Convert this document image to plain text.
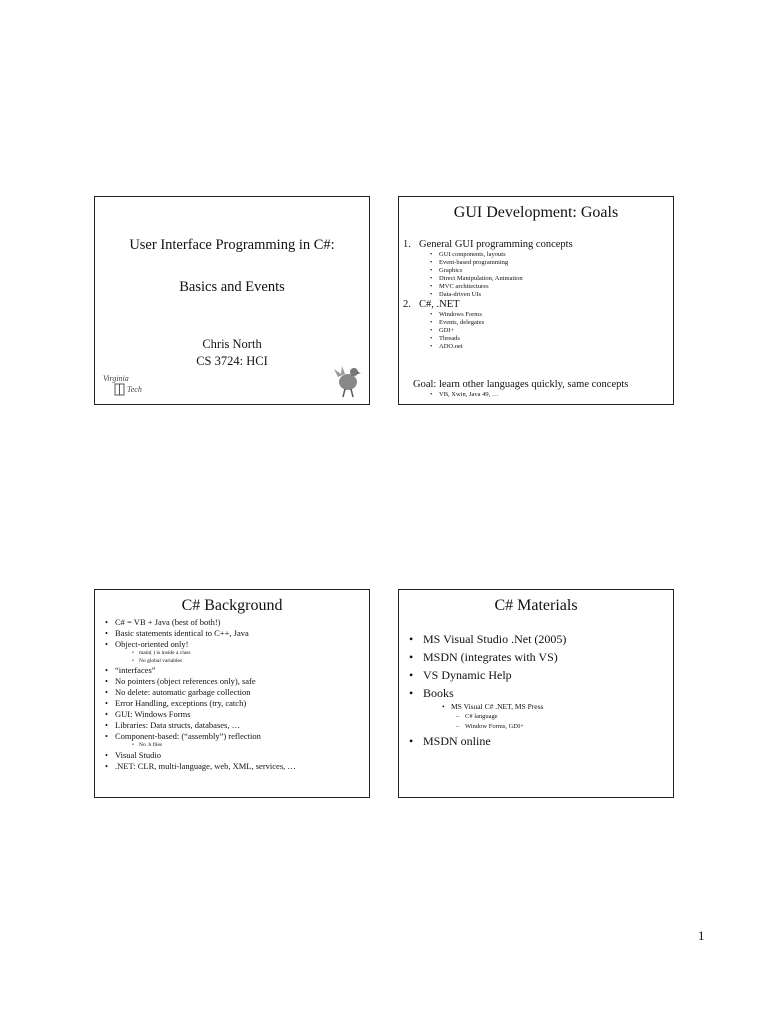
User Interface Programming in C#:
Basics and Events
Chris North
CS 3724: HCI
Virginia
Tech
GUI Development: Goals
1. General GUI programming concepts
• GUI components, layouts
• Event-based programming
• Graphics
• Direct Manipulation, Animation
• MVC architectures
• Data-driven UIs
2. C#, .NET
• Windows Forms
• Events, delegates
• GDI+
• Threads
• ADO.net
Goal: learn other languages quickly, same concepts
• VB, Xwin, Java 49, …
C# Background
• C# = VB + Java (best of both!)
• Basic statements identical to C++, Java
• Object-oriented only!
• main( ) is inside a class
• No global variables
• “interfaces”
• No pointers (object references only), safe
• No delete: automatic garbage collection
• Error Handling, exceptions (try, catch)
• GUI: Windows Forms
• Libraries: Data structs, databases, …
• Component-based: (“assembly”) reflection
• No .h files
• Visual Studio
• .NET: CLR, multi-language, web, XML, services, …
C# Materials
• MS Visual Studio .Net (2005)
• MSDN (integrates with VS)
• VS Dynamic Help
• Books
• MS Visual C# .NET, MS Press
– C# language
– Window Forms, GDI+
• MSDN online
1
